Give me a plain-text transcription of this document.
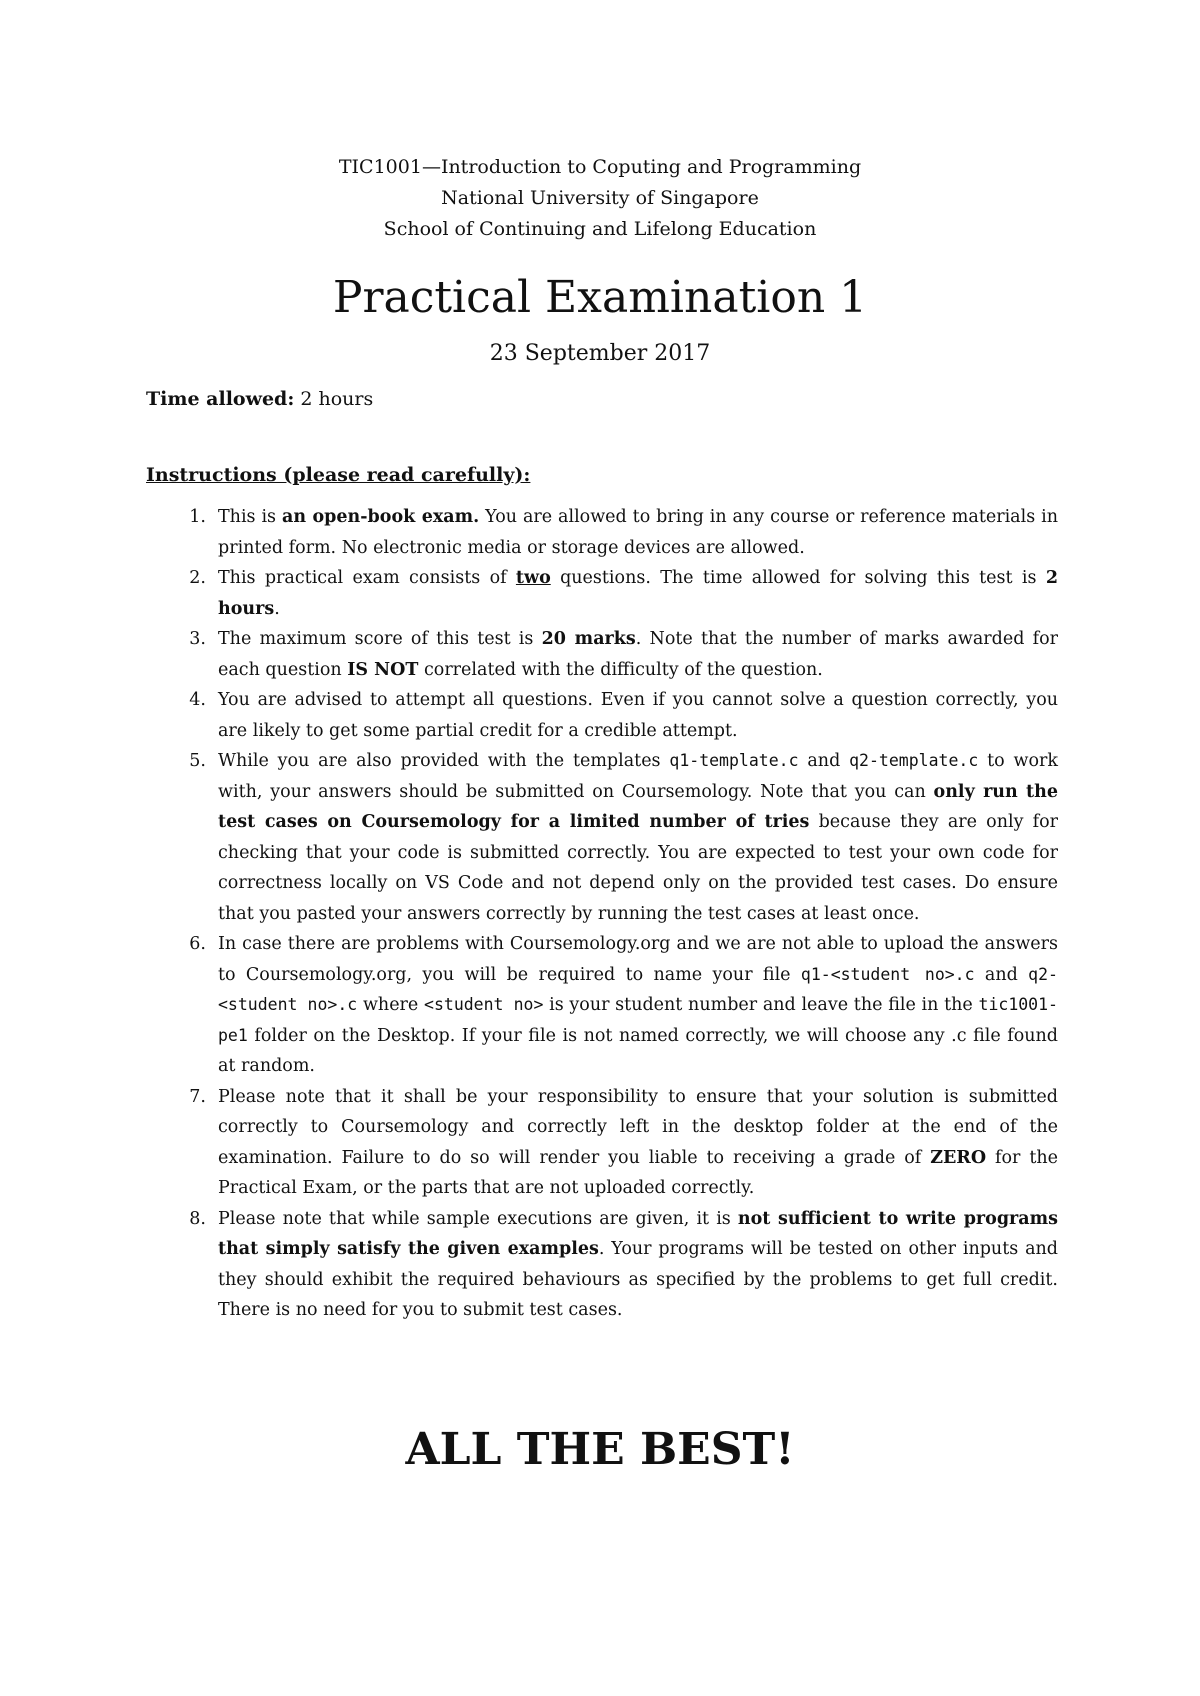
TIC1001—Introduction to Coputing and Programming
National University of Singapore
School of Continuing and Lifelong Education
Practical Examination 1
23 September 2017
Time allowed: 2 hours
Instructions (please read carefully):
This is an open-book exam. You are allowed to bring in any course or reference materials in printed form. No electronic media or storage devices are allowed.
This practical exam consists of two questions. The time allowed for solving this test is 2 hours.
The maximum score of this test is 20 marks. Note that the number of marks awarded for each question IS NOT correlated with the difficulty of the question.
You are advised to attempt all questions. Even if you cannot solve a question correctly, you are likely to get some partial credit for a credible attempt.
While you are also provided with the templates q1-template.c and q2-template.c to work with, your answers should be submitted on Coursemology. Note that you can only run the test cases on Coursemology for a limited number of tries because they are only for checking that your code is submitted correctly. You are expected to test your own code for correctness locally on VS Code and not depend only on the provided test cases. Do ensure that you pasted your answers correctly by running the test cases at least once.
In case there are problems with Coursemology.org and we are not able to upload the answers to Coursemology.org, you will be required to name your file q1-<student no>.c and q2-<student no>.c where <student no> is your student number and leave the file in the tic1001-pe1 folder on the Desktop. If your file is not named correctly, we will choose any .c file found at random.
Please note that it shall be your responsibility to ensure that your solution is submitted correctly to Coursemology and correctly left in the desktop folder at the end of the examination. Failure to do so will render you liable to receiving a grade of ZERO for the Practical Exam, or the parts that are not uploaded correctly.
Please note that while sample executions are given, it is not sufficient to write programs that simply satisfy the given examples. Your programs will be tested on other inputs and they should exhibit the required behaviours as specified by the problems to get full credit. There is no need for you to submit test cases.
ALL THE BEST!
